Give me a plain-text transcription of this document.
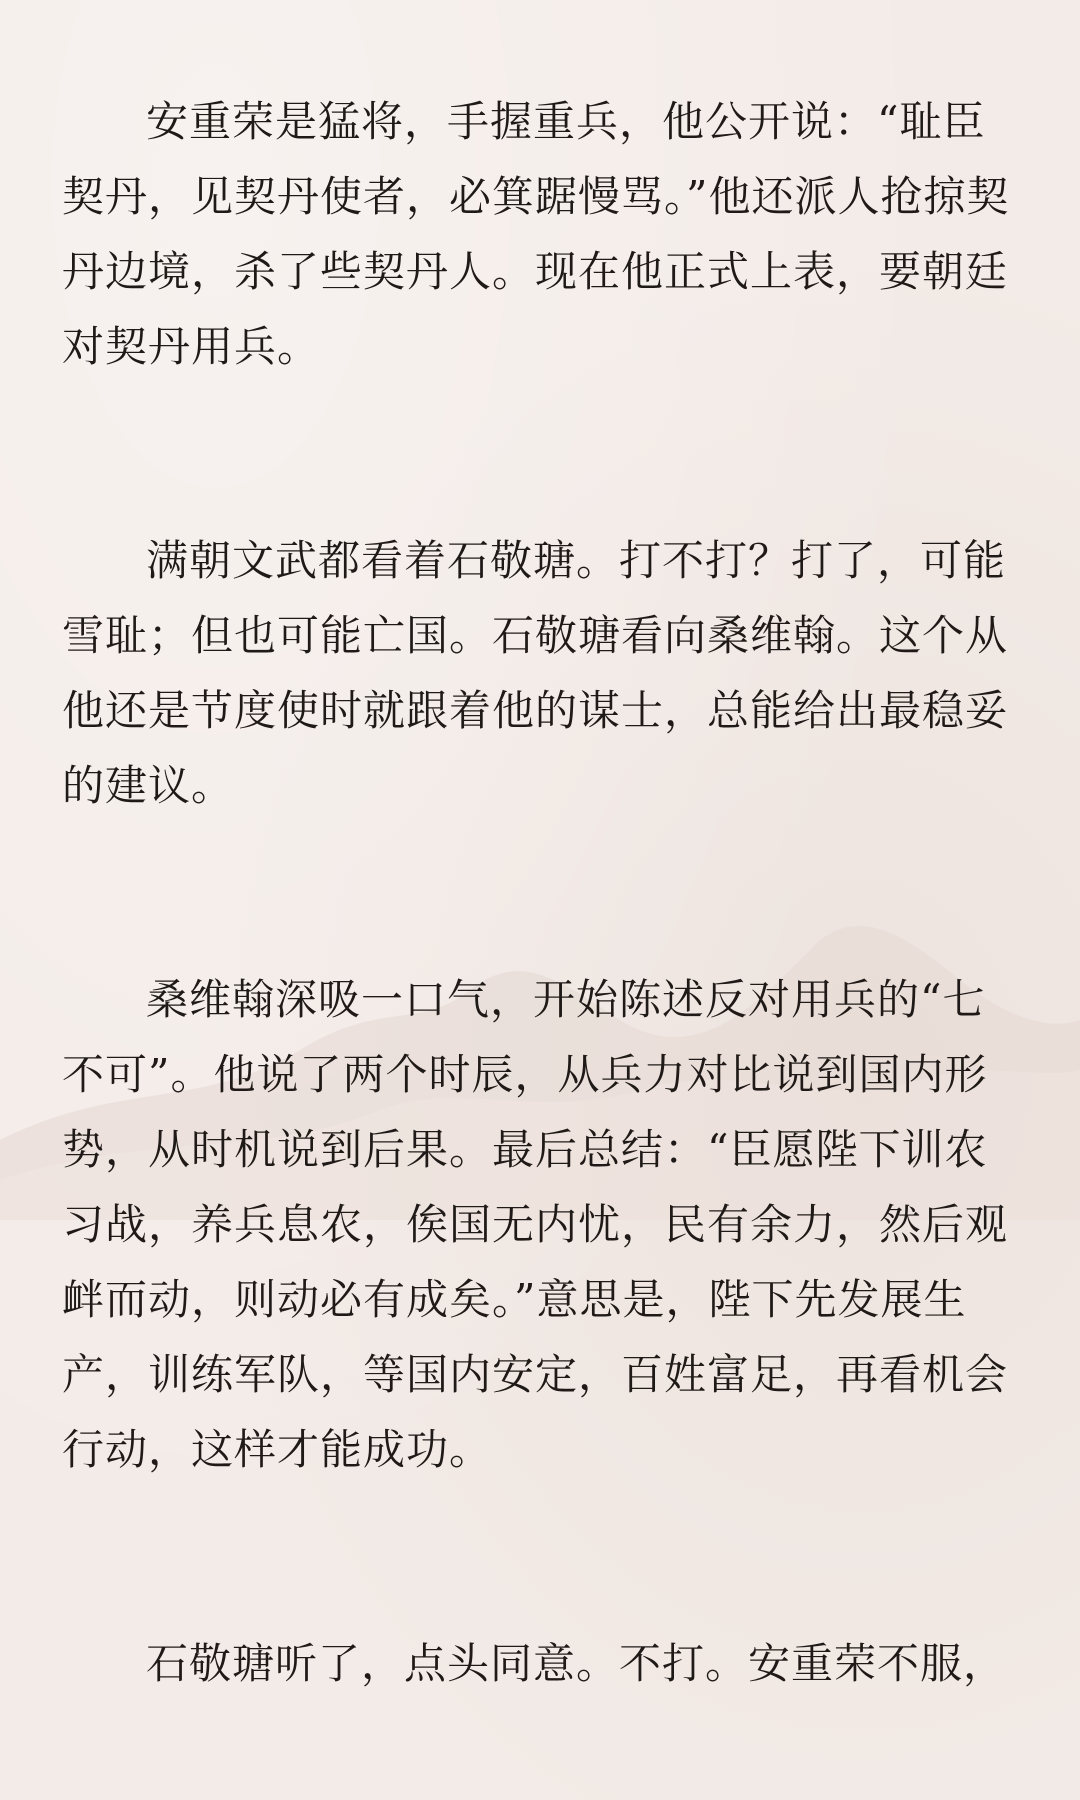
安重荣是猛将，手握重兵，他公开说：“耻臣契丹，见契丹使者，必箕踞慢骂。”他还派人抢掠契丹边境，杀了些契丹人。现在他正式上表，要朝廷对契丹用兵。

满朝文武都看着石敬瑭。打不打？打了，可能雪耻；但也可能亡国。石敬瑭看向桑维翰。这个从他还是节度使时就跟着他的谋士，总能给出最稳妥的建议。

桑维翰深吸一口气，开始陈述反对用兵的“七不可”。他说了两个时辰，从兵力对比说到国内形势，从时机说到后果。最后总结：“臣愿陛下训农习战，养兵息农，俟国无内忧，民有余力，然后观衅而动，则动必有成矣。”意思是，陛下先发展生产，训练军队，等国内安定，百姓富足，再看机会行动，这样才能成功。

石敬瑭听了，点头同意。不打。安重荣不服，
